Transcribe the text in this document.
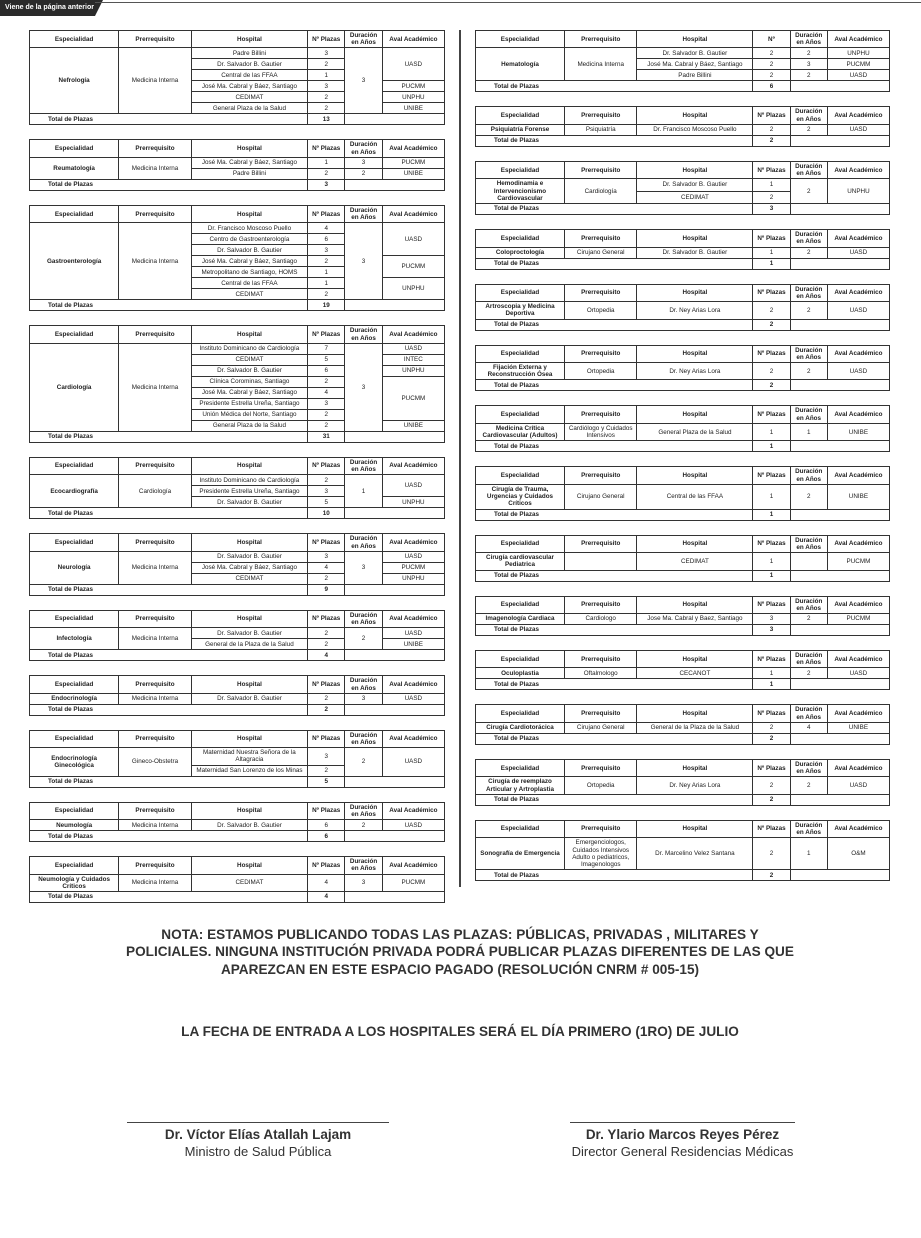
Viene de la página anterior
Especialidad	Prerrequisito	Hospital	Nº Plazas	Duración en Años	Aval Académico
Nefrología	Medicina Interna	Padre Billini	3	3	UASD
		Dr. Salvador B. Gautier	2		
		Central de las FFAA	1		
		José Ma. Cabral y Báez, Santiago	3		PUCMM
		CEDIMAT	2		UNPHU
		General Plaza de la Salud	2		UNIBE
Total de Plazas			13		
Especialidad	Prerrequisito	Hospital	Nº Plazas	Duración en Años	Aval Académico
Reumatología	Medicina Interna	José Ma. Cabral y Báez, Santiago	1	3	PUCMM
		Padre Billini	2	2	UNIBE
Total de Plazas			3		
Especialidad	Prerrequisito	Hospital	Nº Plazas	Duración en Años	Aval Académico
Gastroenterología	Medicina Interna	Dr. Francisco Moscoso Puello	4	3	UASD
		Centro de Gastroenterología	6		
		Dr. Salvador B. Gautier	3		
		José Ma. Cabral y Báez, Santiago	2		PUCMM
		Metropolitano de Santiago, HOMS	1		
		Central de las FFAA	1		UNPHU
		CEDIMAT	2		
Total de Plazas			19		
Especialidad	Prerrequisito	Hospital	Nº Plazas	Duración en Años	Aval Académico
Cardiología	Medicina Interna	Instituto Dominicano de Cardiología	7	3	UASD
		CEDIMAT	5		INTEC
		Dr. Salvador B. Gautier	6		UNPHU
		Clínica Corominas, Santiago	2		PUCMM
		José Ma. Cabral y Báez, Santiago	4		
		Presidente Estrella Ureña, Santiago	3		
		Unión Médica del Norte, Santiago	2		
		General Plaza de la Salud	2		UNIBE
Total de Plazas			31		
Especialidad	Prerrequisito	Hospital	Nº Plazas	Duración en Años	Aval Académico
Ecocardiografía	Cardiología	Instituto Dominicano de Cardiología	2	1	UASD
		Presidente Estrella Ureña, Santiago	3		
		Dr. Salvador B. Gautier	5		UNPHU
Total de Plazas			10		
Especialidad	Prerrequisito	Hospital	Nº Plazas	Duración en Años	Aval Académico
Neurología	Medicina Interna	Dr. Salvador B. Gautier	3	3	UASD
		José Ma. Cabral y Báez, Santiago	4		PUCMM
		CEDIMAT	2		UNPHU
Total de Plazas			9		
Especialidad	Prerrequisito	Hospital	Nº Plazas	Duración en Años	Aval Académico
Infectología	Medicina Interna	Dr. Salvador B. Gautier	2	2	UASD
		General de la Plaza de la Salud	2		UNIBE
Total de Plazas			4		
Especialidad	Prerrequisito	Hospital	Nº Plazas	Duración en Años	Aval Académico
Endocrinología	Medicina Interna	Dr. Salvador B. Gautier	2	3	UASD
Total de Plazas			2		
Especialidad	Prerrequisito	Hospital	Nº Plazas	Duración en Años	Aval Académico
Endocrinología Ginecológica	Gineco-Obstetra	Maternidad Nuestra Señora de la Altagracia	3	2	UASD
		Maternidad San Lorenzo de los Minas	2		
Total de Plazas			5		
Especialidad	Prerrequisito	Hospital	Nº Plazas	Duración en Años	Aval Académico
Neumología	Medicina Interna	Dr. Salvador B. Gautier	6	2	UASD
Total de Plazas			6		
Especialidad	Prerrequisito	Hospital	Nº Plazas	Duración en Años	Aval Académico
Neumología y Cuidados Críticos	Medicina Interna	CEDIMAT	4	3	PUCMM
Total de Plazas			4		
Especialidad	Prerrequisito	Hospital	Nº	Duración en Años	Aval Académico
Hematología	Medicina Interna	Dr. Salvador B. Gautier	2	2	UNPHU
		José Ma. Cabral y Báez, Santiago	2	3	PUCMM
		Padre Billini	2	2	UASD
Total de Plazas			6		
Especialidad	Prerrequisito	Hospital	Nº Plazas	Duración en Años	Aval Académico
Psiquiatría Forense	Psiquiatría	Dr. Francisco Moscoso Puello	2	2	UASD
Total de Plazas			2		
Especialidad	Prerrequisito	Hospital	Nº Plazas	Duración en Años	Aval Académico
Hemodinamia e Intervencionismo Cardiovascular	Cardiología	Dr. Salvador B. Gautier	1	2	UNPHU
		CEDIMAT	2		
Total de Plazas			3		
Especialidad	Prerrequisito	Hospital	Nº Plazas	Duración en Años	Aval Académico
Coloproctología	Cirujano General	Dr. Salvador B. Gautier	1	2	UASD
Total de Plazas			1		
Especialidad	Prerrequisito	Hospital	Nº Plazas	Duración en Años	Aval Académico
Artroscopia y Medicina Deportiva	Ortopedia	Dr. Ney Arias Lora	2	2	UASD
Total de Plazas			2		
Especialidad	Prerrequisito	Hospital	Nº Plazas	Duración en Años	Aval Académico
Fijación Externa y Reconstrucción Ósea	Ortopedia	Dr. Ney Arias Lora	2	2	UASD
Total de Plazas			2		
Especialidad	Prerrequisito	Hospital	Nº Plazas	Duración en Años	Aval Académico
Medicina Crítica Cardiovascular (Adultos)	Cardiólogo y Cuidados Intensivos	General Plaza de la Salud	1	1	UNIBE
Total de Plazas			1		
Especialidad	Prerrequisito	Hospital	Nº Plazas	Duración en Años	Aval Académico
Cirugía de Trauma, Urgencias y Cuidados Críticos	Cirujano General	Central de las FFAA	1	2	UNIBE
Total de Plazas			1		
Especialidad	Prerrequisito	Hospital	Nº Plazas	Duración en Años	Aval Académico
Cirugía cardiovascular Pediatrica		CEDIMAT	1		PUCMM
Total de Plazas			1		
Especialidad	Prerrequisito	Hospital	Nº Plazas	Duración en Años	Aval Académico
Imagenología Cardiaca	Cardiologo	Jose Ma. Cabral y Baez, Santiago	3	2	PUCMM
Total de Plazas			3		
Especialidad	Prerrequisito	Hospital	Nº Plazas	Duración en Años	Aval Académico
Oculoplastia	Oftalmologo	CECANOT	1	2	UASD
Total de Plazas			1		
Especialidad	Prerrequisito	Hospital	Nº Plazas	Duración en Años	Aval Académico
Cirugía Cardiotorácica	Cirujano General	General de la Plaza de la Salud	2	4	UNIBE
Total de Plazas			2		
Especialidad	Prerrequisito	Hospital	Nº Plazas	Duración en Años	Aval Académico
Cirugía de reemplazo Articular y Artroplastia	Ortopedia	Dr. Ney Arias Lora	2	2	UASD
Total de Plazas			2		
Especialidad	Prerrequisito	Hospital	Nº Plazas	Duración en Años	Aval Académico
Sonografía de Emergencia	Emergenciologos, Cuidados Intensivos Adulto o pediatricos, Imagenologos	Dr. Marcelino Velez Santana	2	1	O&M
Total de Plazas			2		
NOTA: ESTAMOS PUBLICANDO TODAS LAS PLAZAS: PÚBLICAS, PRIVADAS , MILITARES Y POLICIALES. NINGUNA INSTITUCIÓN PRIVADA PODRÁ PUBLICAR PLAZAS DIFERENTES DE LAS QUE APAREZCAN EN ESTE ESPACIO PAGADO (RESOLUCIÓN CNRM # 005-15)
LA FECHA DE ENTRADA A LOS HOSPITALES SERÁ EL DÍA PRIMERO (1RO) DE JULIO
Dr. Víctor Elías Atallah Lajam
Ministro de Salud Pública
Dr. Ylario Marcos Reyes Pérez
Director General Residencias Médicas
